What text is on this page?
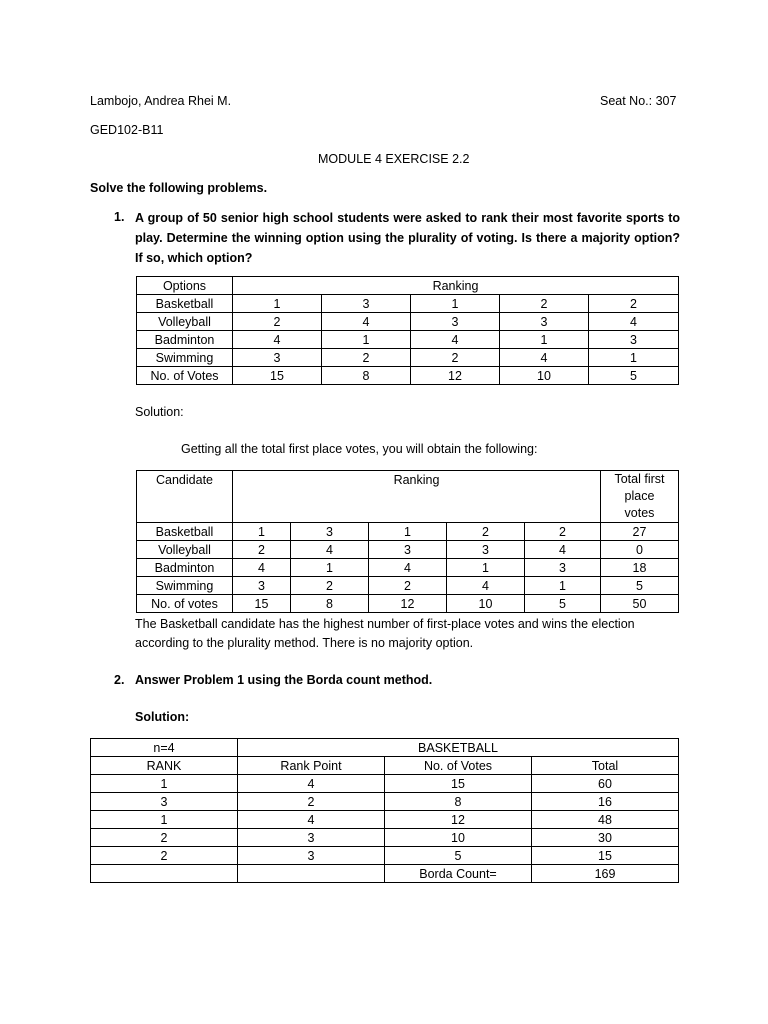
Lambojo, Andrea Rhei M.	Seat No.: 307
GED102-B11
MODULE 4 EXERCISE 2.2
Solve the following problems.
1. A group of 50 senior high school students were asked to rank their most favorite sports to play. Determine the winning option using the plurality of voting. Is there a majority option? If so, which option?
Options	Ranking				
Basketball	1	3	1	2	2
Volleyball	2	4	3	3	4
Badminton	4	1	4	1	3
Swimming	3	2	2	4	1
No. of Votes	15	8	12	10	5
Solution:
Getting all the total first place votes, you will obtain the following:
Candidate	Ranking					Total first place votes
Basketball	1	3	1	2	2	27
Volleyball	2	4	3	3	4	0
Badminton	4	1	4	1	3	18
Swimming	3	2	2	4	1	5
No. of votes	15	8	12	10	5	50
The Basketball candidate has the highest number of first-place votes and wins the election according to the plurality method. There is no majority option.
2. Answer Problem 1 using the Borda count method.
Solution:
n=4	BASKETBALL		
RANK	Rank Point	No. of Votes	Total
1	4	15	60
3	2	8	16
1	4	12	48
2	3	10	30
2	3	5	15
		Borda Count=	169
